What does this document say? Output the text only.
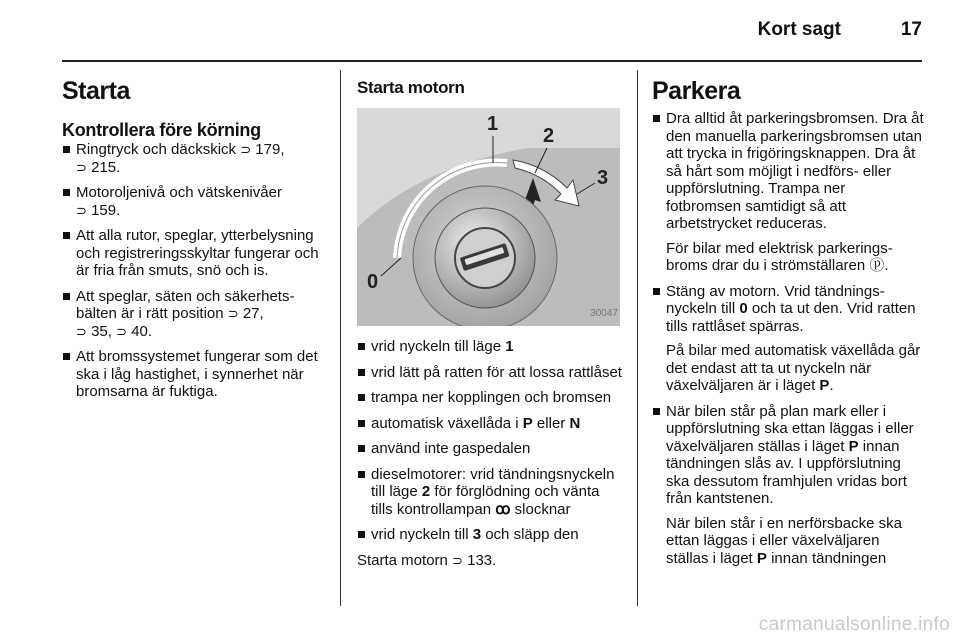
Kort sagt	17
Starta
Kontrollera före körning
Ringtryck och däckskick ⊃ 179,
⊃ 215.
Motoroljenivå och vätskenivåer
⊃ 159.
Att alla rutor, speglar, ytterbelysning och registreringsskyltar fungerar och är fria från smuts, snö och is.
Att speglar, säten och säkerhetsbälten är i rätt position ⊃ 27,
⊃ 35, ⊃ 40.
Att bromssystemet fungerar som det ska i låg hastighet, i synnerhet när bromsarna är fuktiga.
Starta motorn
1
2
3
0
30047
vrid nyckeln till läge 1
vrid lätt på ratten för att lossa rattlåset
trampa ner kopplingen och bromsen
automatisk växellåda i P eller N
använd inte gaspedalen
dieselmotorer: vrid tändningsnyckeln till läge 2 för förglödning och vänta tills kontrollampan ꝏ slocknar
vrid nyckeln till 3 och släpp den
Starta motorn ⊃ 133.
Parkera
Dra alltid åt parkeringsbromsen. Dra åt den manuella parkeringsbromsen utan att trycka in frigöringsknappen. Dra åt så hårt som möjligt i nedförs- eller uppförslutning. Trampa ner fotbromsen samtidigt så att arbetstrycket reduceras.
För bilar med elektrisk parkeringsbroms drar du i strömställaren ⓟ.
Stäng av motorn. Vrid tändningsnyckeln till 0 och ta ut den. Vrid ratten tills rattlåset spärras.
På bilar med automatisk växellåda går det endast att ta ut nyckeln när växelväljaren är i läget P.
När bilen står på plan mark eller i uppförslutning ska ettan läggas i eller växelväljaren ställas i läget P innan tändningen slås av. I uppförslutning ska dessutom framhjulen vridas bort från kantstenen.
När bilen står i en nerförsbacke ska ettan läggas i eller växelväljaren ställas i läget P innan tändningen
carmanualsonline.info
